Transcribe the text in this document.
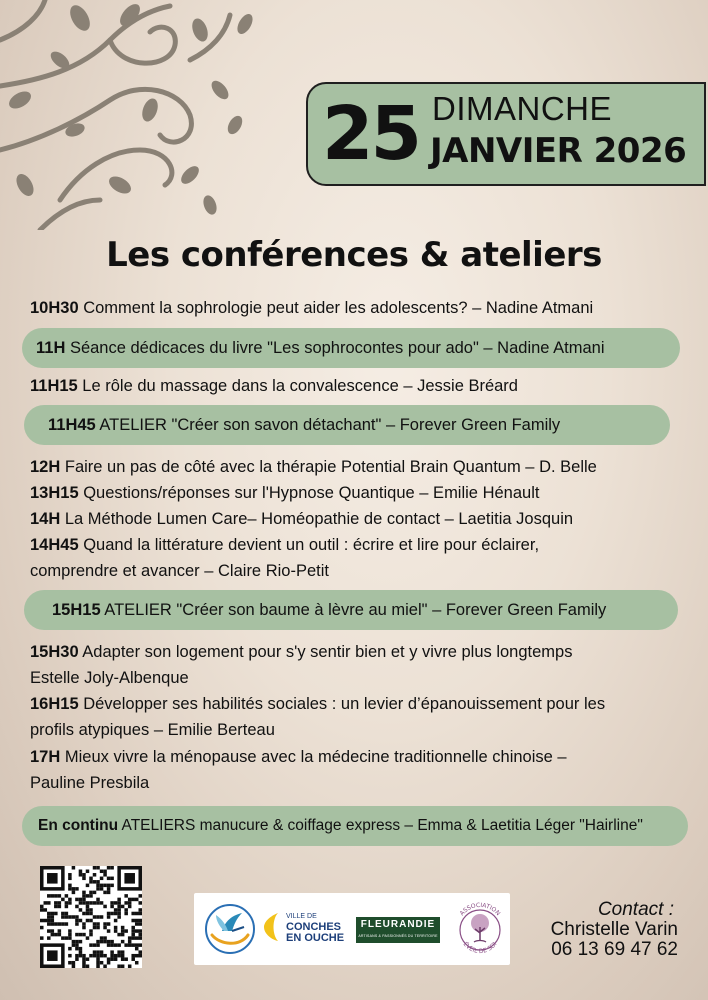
25 DIMANCHE
JANVIER 2026
Les conférences & ateliers
10H30 Comment la sophrologie peut aider les adolescents? – Nadine Atmani
11H Séance dédicaces du livre "Les sophrocontes pour ado" – Nadine Atmani
11H15 Le rôle du massage dans la convalescence – Jessie Bréard
11H45 ATELIER "Créer son savon détachant" – Forever Green Family
12H Faire un pas de côté avec la thérapie Potential Brain Quantum – D. Belle
13H15 Questions/réponses sur l'Hypnose Quantique – Emilie Hénault
14H La Méthode Lumen Care– Homéopathie de contact – Laetitia Josquin
14H45 Quand la littérature devient un outil : écrire et lire pour éclairer,
comprendre et avancer – Claire Rio-Petit
15H15 ATELIER "Créer son baume à lèvre au miel" – Forever Green Family
15H30 Adapter son logement pour s'y sentir bien et y vivre plus longtemps
Estelle Joly-Albenque
16H15 Développer ses habilités sociales : un levier d’épanouissement pour les
profils atypiques – Emilie Berteau
17H Mieux vivre la ménopause avec la médecine traditionnelle chinoise –
Pauline Presbila
En continu ATELIERS manucure & coiffage express – Emma & Laetitia Léger "Hairline"
VILLE DE
CONCHES
EN OUCHE
FLEURANDIE
ARTISANS & PASSIONNÉS DU TERRITOIRE
ASSOCIATION
ÉVEIL DE SOI
Contact :
Christelle Varin
06 13 69 47 62
